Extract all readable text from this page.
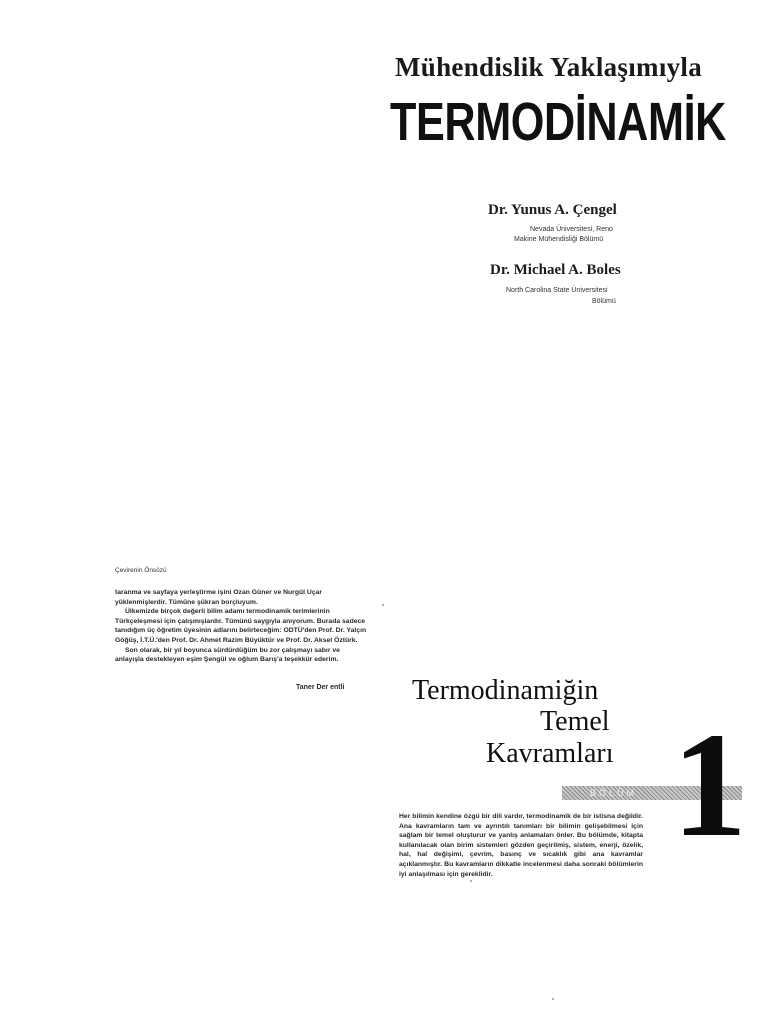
Mühendislik Yaklaşımıyla
TERMODİNAMİK
Dr. Yunus A. Çengel
Nevada Üniversitesi, Reno
Makine Mühendisliği Bölümü
Dr. Michael A. Boles
North Carolina State Üniversitesi
Bölümü
Çevirenin Önsözü

taranma ve sayfaya yerleştirme işini Ozan Güner ve Nurgül Uçar yüklenmişlerdir. Tümüne şükran borçluyum.

Ülkemizde birçok değerli bilim adamı termodinamik terimlerinin Türkçeleşmesi için çalışmışlardır. Tümünü saygıyla anıyorum. Burada sadece tanıdığım üç öğretim üyesinin adlarını belirteceğim: ODTÜ'den Prof. Dr. Yalçın Göğüş, İ.T.Ü.'den Prof. Dr. Ahmet Razim Büyüktür ve Prof. Dr. Aksel Öztürk.

Son olarak, bir yıl boyunca sürdürdüğüm bu zor çalışmayı sabır ve anlayışla destekleyen eşim Şengül ve oğlum Barış'a teşekkür ederim.

Taner Der entli Termodinamiğin
Temel
Kavramları
BÖLÜM 1
Her bilimin kendine özgü bir dili vardır, termodinamik de bir istisna değildir. Ana kavramların tam ve ayrıntılı tanımları bir bilimin gelişebilmesi için sağlam bir temel oluşturur ve yanlış anlamaları önler. Bu bölümde, kitapta kullanılacak olan birim sistemleri gözden geçirilmiş, sistem, enerji, özelik, hal, hal değişimi, çevrim, basınç ve sıcaklık gibi ana kavramlar açıklanmıştır. Bu kavramların dikkatle incelenmesi daha sonraki bölümlerin iyi anlaşılması için gereklidir.
